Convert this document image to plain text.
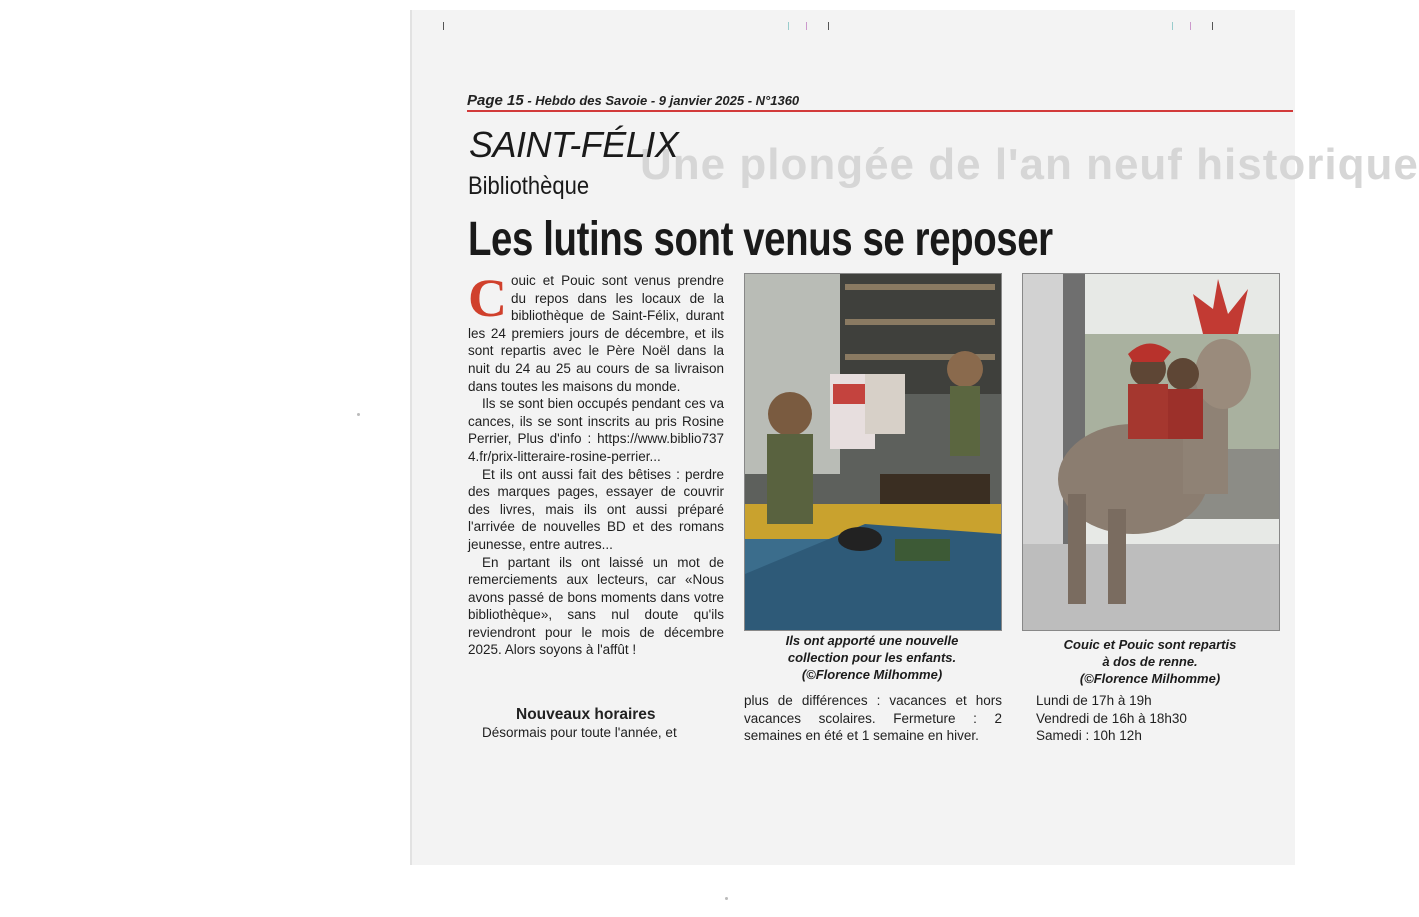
Une plongée de l'an neuf historique
Page 15 - Hebdo des Savoie - 9 janvier 2025 - N°1360
SAINT-FÉLIX
Bibliothèque
Les lutins sont venus se reposer

Couic et Pouic sont venus prendre du repos dans les locaux de la bibliothèque de Saint-Félix, durant les 24 premiers jours de décembre, et ils sont repartis avec le Père Noël dans la nuit du 24 au 25 au cours de sa livraison dans toutes les maisons du monde.

Ils se sont bien occupés pendant ces vacances, ils se sont inscrits au pris Rosine Perrier, Plus d'info : https://www.biblio7374.fr/prix-litteraire-rosine-perrier...

Et ils ont aussi fait des bêtises : perdre des marques pages, essayer de couvrir des livres, mais ils ont aussi préparé l'arrivée de nouvelles BD et des romans jeunesse, entre autres...

En partant ils ont laissé un mot de remerciements aux lecteurs, car «Nous avons passé de bons moments dans votre bibliothèque», sans nul doute qu'ils reviendront pour le mois de décembre 2025. Alors soyons à l'affût !

Nouveaux horaires
Désormais pour toute l'année, et
Ils ont apporté une nouvelle
collection pour les enfants.
(©Florence Milhomme)
Couic et Pouic sont repartis
à dos de renne.
(©Florence Milhomme)
plus de différences : vacances et hors vacances scolaires. Fermeture : 2 semaines en été et 1 semaine en hiver.
Lundi de 17h à 19h
Vendredi de 16h à 18h30
Samedi : 10h 12h
